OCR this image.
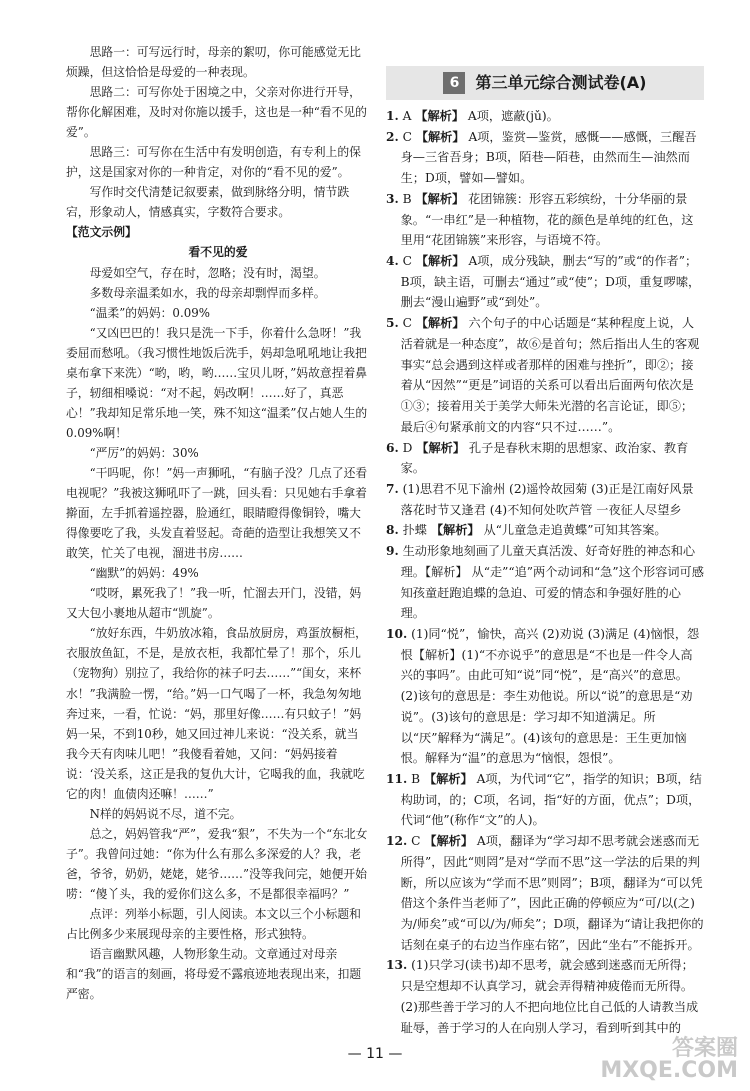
思路一：可写远行时，母亲的絮叨，你可能感觉无比烦躁，但这恰恰是母爱的一种表现。

思路二：可写你处于困境之中，父亲对你进行开导，帮你化解困难，及时对你施以援手，这也是一种“看不见的爱”。

思路三：可写你在生活中有发明创造，有专利上的保护，这是国家对你的一种肯定，对你的“看不见的爱”。

写作时交代清楚记叙要素，做到脉络分明，情节跌宕，形象动人，情感真实，字数符合要求。

【范文示例】

看不见的爱

母爱如空气，存在时，忽略；没有时，渴望。

多数母亲温柔如水，我的母亲却剽悍而多样。

“温柔”的妈妈：0.09%

“又凶巴巴的！我只是洗一下手，你着什么急呀！”我委屈而愁吼。（我习惯性地饭后洗手，妈却急吼吼地让我把桌布拿下来洗）“哟，哟，哟……宝贝儿呀，”妈故意捏着鼻子，轫细相嗓说：“对不起，妈改啊！……好了，真恶心！”我却知足常乐地一笑，殊不知这“温柔”仅占她人生的0.09%啊！

“严厉”的妈妈：30%

“干吗呢，你！”妈一声狮吼，“有脑子没？几点了还看电视呢？”我被这狮吼吓了一跳，回头看：只见她右手拿着擀面，左手抓着遥控器，脸通红，眼睛瞪得像铜铃，嘴大得像要吃了我，头发直着竖起。奇葩的造型让我想笑又不敢笑，忙关了电视，溜进书房……

“幽默”的妈妈：49%

“哎呀，累死我了！”我一听，忙溜去开门，没错，妈又大包小裹地从超市“凯旋”。

“放好东西，牛奶放冰箱，食品放厨房，鸡蛋放橱柜，衣服放鱼缸，不是，是放衣柜，我都忙晕了！那个，乐儿（宠物狗）别拉了，我给你的袜子叼去……”“闺女，来杯水！”我满脸一愣，“给。”妈一口气喝了一杯，我急匆匆地奔过来，一看，忙说：“妈，那里好像……有只蚊子！”妈妈一呆，不到10秒，她又回过神儿来说：“没关系，就当我今天有肉味儿吧！”我傻看着她，又问：“妈妈接着说：‘没关系，这正是我的复仇大计，它喝我的血，我就吃它的肉！血债肉还嘛！……”

N样的妈妈说不尽，道不完。

总之，妈妈管我“严”，爱我“狠”，不失为一个“东北女子”。我曾问过她：“你为什么有那么多深爱的人？我，老爸，爷爷，奶奶，姥姥，姥爷……”没等我问完，她便开始唠：“傻丫头，我的爱你们这么多，不是都很幸福吗？”

点评：列举小标题，引人阅读。本文以三个小标题和占比例多少来展现母亲的主要性格，形式独特。

语言幽默风趣，人物形象生动。文章通过对母亲和“我”的语言的刻画，将母爱不露痕迹地表现出来，扣题严密。

6	第三单元综合测试卷(A)

1. A 【解析】 A项，遮蔽(jǔ)。

2. C 【解析】 A项，鉴赏—鉴赏，感慨——感慨，三醒吾身—三省吾身；B项，陌巷—陌巷，由然而生—油然而生；D项，譬如—譬如。

3. B 【解析】 花团锦簇：形容五彩缤纷，十分华丽的景象。“一串红”是一种植物，花的颜色是单纯的红色，这里用“花团锦簇”来形容，与语境不符。

4. C 【解析】 A项，成分残缺，删去“写的”或“的作者”；B项，缺主语，可删去“通过”或“使”；D项，重复啰嗦，删去“漫山遍野”或“到处”。

5. C 【解析】 六个句子的中心话题是“某种程度上说，人活着就是一种态度”，故⑥是首句；然后指出人生的客观事实“总会遇到这样或者那样的困难与挫折”，即②；接着从“因然”“更是”词语的关系可以看出后面两句依次是①③；接着用关于美学大师朱光潜的名言论证，即⑤；最后④句紧承前文的内容“只不过……”。

6. D 【解析】 孔子是春秋末期的思想家、政治家、教育家。

7. (1)思君不见下渝州 (2)遥怜故园菊 (3)正是江南好风景 落花时节又逢君 (4)不知何处吹芦管 一夜征人尽望乡

8. 扑蝶 【解析】 从“儿童急走追黄蝶”可知其答案。

9. 生动形象地刻画了儿童天真活泼、好奇好胜的神态和心理。【解析】 从“走”“追”两个动词和“急”这个形容词可感知孩童赶跑追蝶的急迫、可爱的情态和争强好胜的心理。

10. (1)同“悦”，愉快，高兴 (2)劝说 (3)满足 (4)恼恨，怨恨【解析】(1)“不亦说乎”的意思是“不也是一件令人高兴的事吗”。由此可知“说”同“悦”，是“高兴”的意思。(2)该句的意思是：李生劝他说。所以“说”的意思是“劝说”。(3)该句的意思是：学习却不知道满足。所以“厌”解释为“满足”。(4)该句的意思是：王生更加恼恨。解释为“温”的意思为“恼恨，怨恨”。

11. B 【解析】 A项，为代词“它”，指学的知识；B项，结构助词，的；C项，名词，指“好的方面，优点”；D项，代词“他”(称作“文”的人)。

12. C 【解析】 A项，翻译为“学习却不思考就会迷惑而无所得”，因此“则罔”是对“学而不思”这一学法的后果的判断，所以应该为“学而不思”则罔”；B项，翻译为“可以凭借这个条件当老师了”，因此正确的停顿应为“可/以(之)为/师矣”或“可以/为/师矣”；D项，翻译为“请让我把你的话刻在桌子的右边当作座右铭”，因此“坐右”不能拆开。

13. (1)只学习(读书)却不思考，就会感到迷惑而无所得；只是空想却不认真学习，就会弄得精神疲倦而无所得。(2)那些善于学习的人不把向地位比自己低的人请教当成耻辱，善于学习的人在向别人学习，看到听到其中的

— 11 —	答案圈
MXQE.COM
